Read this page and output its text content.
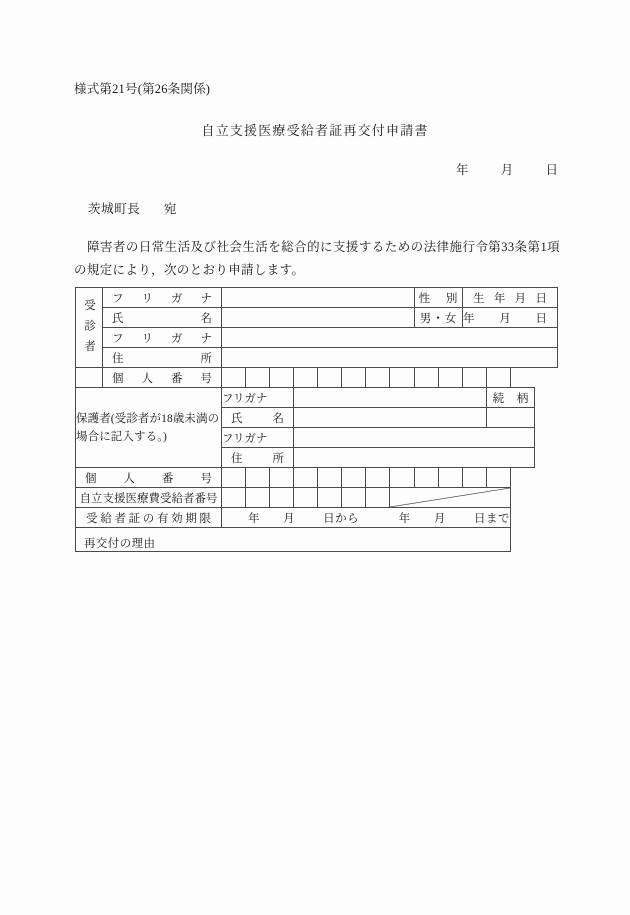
様式第21号(第26条関係)
自立支援医療受給者証再交付申請書
年	月	日
茨城町長 宛
障害者の日常生活及び社会生活を総合的に支援するための法律施行令第33条第1項の規定により，次のとおり申請します。
受診者	フ リ ガ ナ									性 別		生 年 月 日	

	氏 名									男・女		年 月 日	

	フ リ ガ ナ												

	住 所												

	個 人 番 号												

保護者(受診者が18歳未満の場合に記入する。)		フリガナ											続 柄

		氏 名											

		フリガナ											

		住 所											

個 人 番 号													

自立支援医療費受給者番号								

受 給 者 証 の 有 効 期 限	年 月 日から	年 月 日まで

再交付の理由													
